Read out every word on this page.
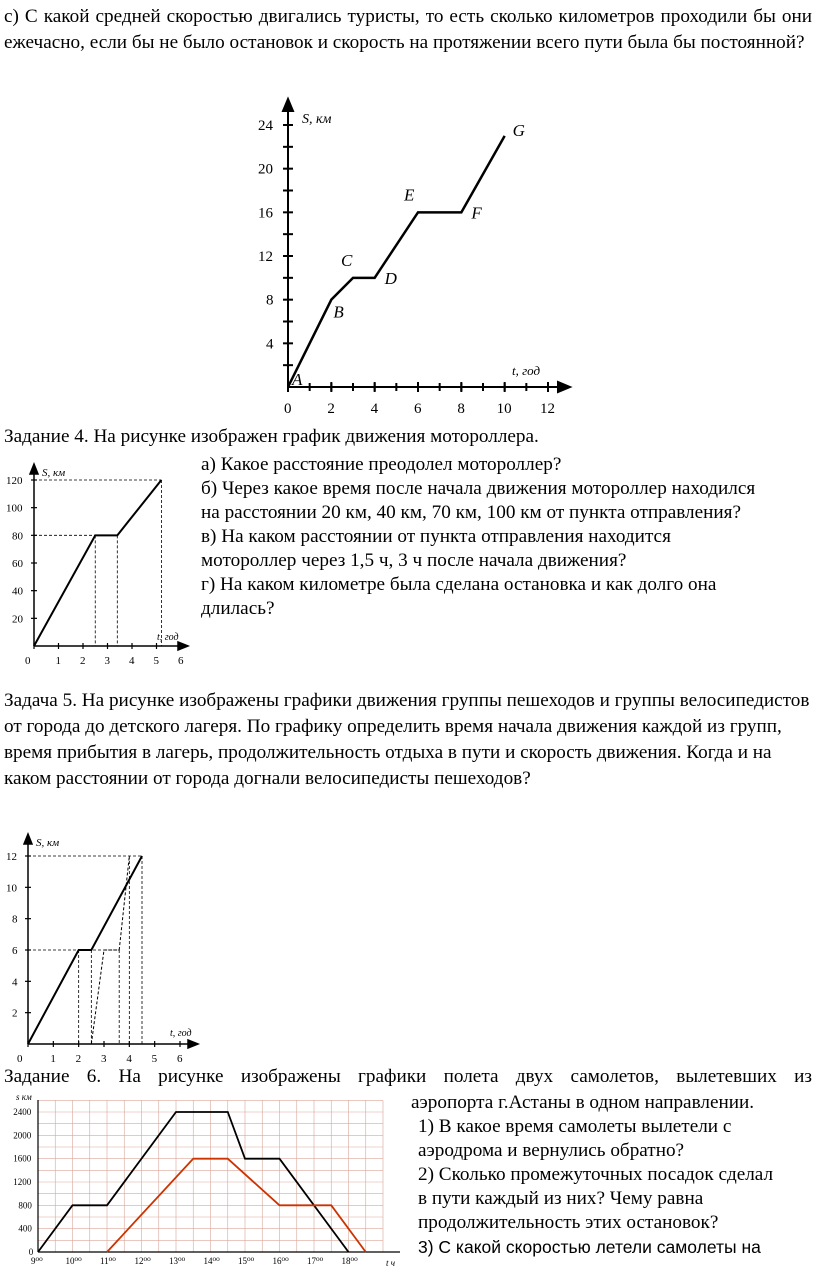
с) С какой средней скоростью двигались туристы, то есть сколько километров проходили бы они ежечасно, если бы не было остановок и скорость на протяжении всего пути была бы постоянной?
0 2 4 6 8 10 12
4
8
12
16
20
24
A
B
C
D
E
F
G
S, км
t, год
Задание 4. На рисунке изображен график движения мотороллера.
а) Какое расстояние преодолел мотороллер?
б) Через какое время после начала движения мотороллер находился
на расстоянии 20 км, 40 км, 70 км, 100 км от пункта отправления?
в) На каком расстоянии от пункта отправления находится
мотороллер через 1,5 ч, 3 ч после начала движения?
г) На каком километре была сделана остановка и как долго она
длилась?
0 1 2 3 4 5 6
20
40
60
80
100
120
S, км
t, год
Задача 5. На рисунке изображены графики движения группы пешеходов и группы велосипедистов от города до детского лагеря. По графику определить время начала движения каждой из групп, время прибытия в лагерь, продолжительность отдыха в пути и скорость движения. Когда и на каком расстоянии от города догнали велосипедисты пешеходов?
0	1 2 3 4 5 6
2
4
6
8
10
12
S, км
t, год
Задание 6. На рисунке изображены графики полета двух самолетов, вылетевших из
аэропорта г.Астаны в одном направлении.
1) В какое время самолеты вылетели с
аэродрома и вернулись обратно?
2) Сколько промежуточных посадок сделал
в пути каждый из них? Чему равна
продолжительность этих остановок?
3) С какой скоростью летели самолеты на
0
400
800
1200
1600
2000
2400
9⁰⁰	10⁰⁰ 11⁰⁰ 12⁰⁰ 13⁰⁰ 14⁰⁰ 15⁰⁰ 16⁰⁰ 17⁰⁰ 18⁰⁰
s км
t ч
